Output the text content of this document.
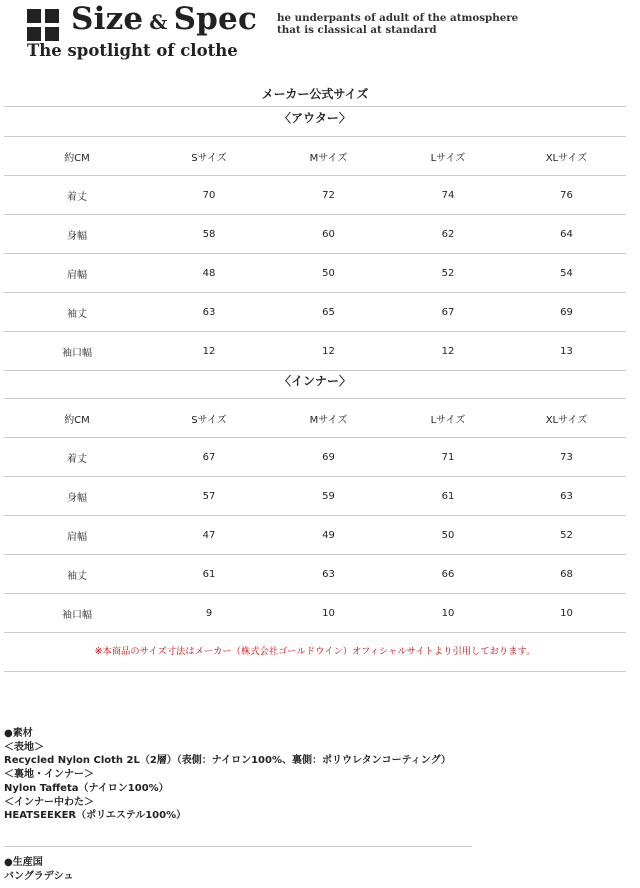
Size & Spec
The spotlight of clothe
he underpants of adult of the atmosphere
that is classical at standard
メーカー公式サイズ
〈アウター〉
約CM	Sサイズ	Mサイズ	Lサイズ	XLサイズ
着丈	70	72	74	76
身幅	58	60	62	64
肩幅	48	50	52	54
袖丈	63	65	67	69
袖口幅	12	12	12	13
〈インナー〉
約CM	Sサイズ	Mサイズ	Lサイズ	XLサイズ
着丈	67	69	71	73
身幅	57	59	61	63
肩幅	47	49	50	52
袖丈	61	63	66	68
袖口幅	9	10	10	10
※本商品のサイズ寸法はメーカー（株式会社ゴールドウイン）オフィシャルサイトより引用しております。
●素材
＜表地＞
Recycled Nylon Cloth 2L（2層）（表側：ナイロン100%、裏側：ポリウレタンコーティング）
＜裏地・インナー＞
Nylon Taffeta（ナイロン100%）
＜インナー中わた＞
HEATSEEKER（ポリエステル100%）
●生産国
バングラデシュ
